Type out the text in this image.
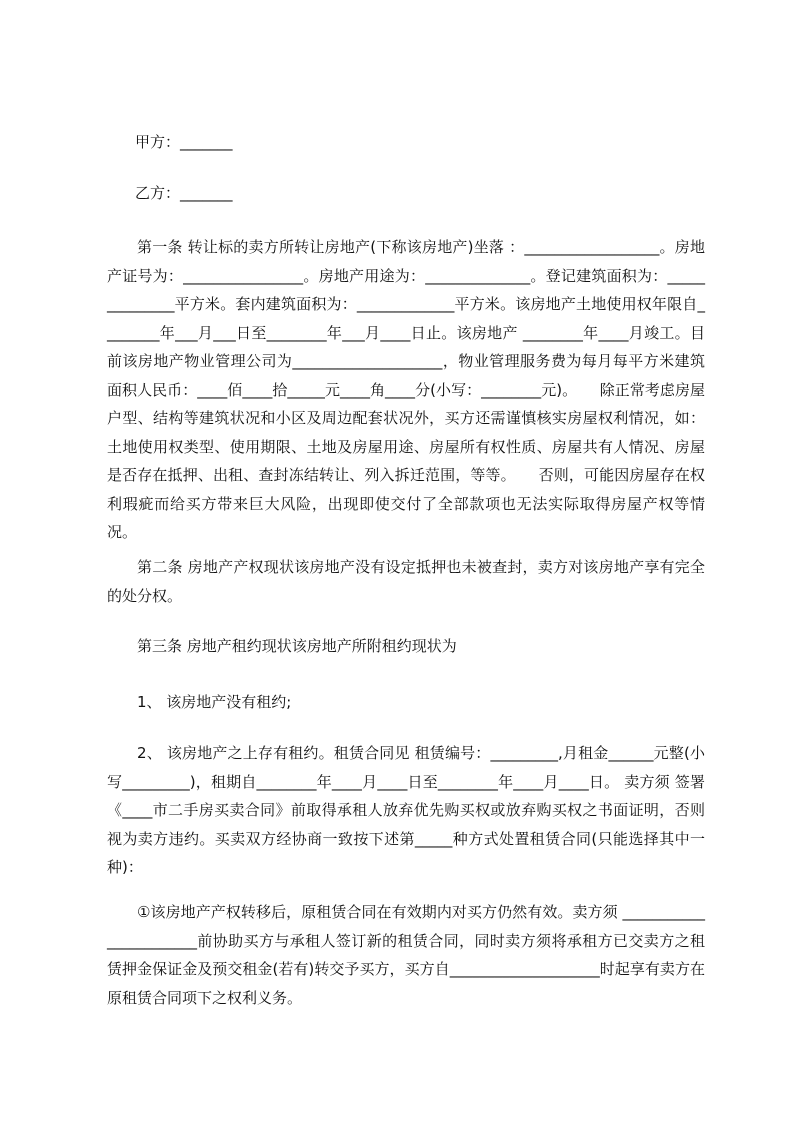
甲方：_______

乙方：_______

第一条 转让标的卖方所转让房地产(下称该房地产)坐落 ：__________________。房地产证号为：________________。房地产用途为：______________。登记建筑面积为：______________平方米。套内建筑面积为：_____________平方米。该房地产土地使用权年限自________年___月___日至________年___月____日止。该房地产 ________年____月竣工。目前该房地产物业管理公司为____________________，物业管理服务费为每月每平方米建筑面积人民币：____佰____拾_____元____角____分(小写：________元)。　　除正常考虑房屋户型、结构等建筑状况和小区及周边配套状况外，买方还需谨慎核实房屋权利情况，如：土地使用权类型、使用期限、土地及房屋用途、房屋所有权性质、房屋共有人情况、房屋是否存在抵押、出租、查封冻结转让、列入拆迁范围，等等。　　否则，可能因房屋存在权利瑕疵而给买方带来巨大风险，出现即使交付了全部款项也无法实际取得房屋产权等情况。

第二条 房地产产权现状该房地产没有设定抵押也未被查封，卖方对该房地产享有完全的处分权。

第三条 房地产租约现状该房地产所附租约现状为

1、 该房地产没有租约;

2、 该房地产之上存有租约。租赁合同见 租赁编号：_________,月租金______元整(小写_________)，租期自________年____月____日至________年____月____日。 卖方须 签署《____市二手房买卖合同》前取得承租人放弃优先购买权或放弃购买权之书面证明，否则视为卖方违约。买卖双方经协商一致按下述第_____种方式处置租赁合同(只能选择其中一种)：

①该房地产产权转移后，原租赁合同在有效期内对买方仍然有效。卖方须 _______________________前协助买方与承租人签订新的租赁合同，同时卖方须将承租方已交卖方之租赁押金保证金及预交租金(若有)转交予买方，买方自____________________时起享有卖方在原租赁合同项下之权利义务。
